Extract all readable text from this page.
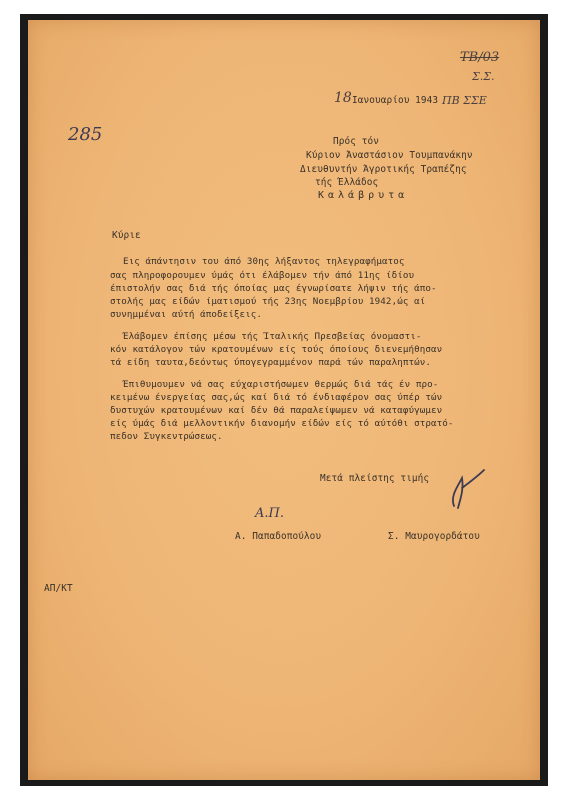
ΤΒ/03
Σ.Σ.
18 Ιανουαρίου 1943 ΠΒ ΣΣΕ
285	Πρός τόν
Κύριον Άναστάσιον Τουμπανάκην
Διευθυντήν Άγροτικής Τραπέζης
τής Έλλάδος
Καλάβρυτα
Κύριε
Εις άπάντησιν του άπό 30ης λήξαντος τηλεγραφήματος
σας πληροφορουμεν ύμάς ότι έλάβομεν τήν άπό 11ης ίδίου
έπιστολήν σας διά τής όποίας μας έγνωρίσατε λήψιν τής άπο-
στολής μας είδών ίματισμού τής 23ης Νοεμβρίου 1942,ώς αί
συνημμέναι αύτή άποδείξεις.
Έλάβομεν έπίσης μέσω τής Ίταλικής Πρεσβείας όνομαστι-
κόν κατάλογον τών κρατουμένων είς τούς όποίους διενεμήθησαν
τά είδη ταυτα,δεόντως ύπογεγραμμένον παρά τών παραληπτών.
Έπιθυμουμεν νά σας εύχαριστήσωμεν θερμώς διά τάς έν προ-
κειμένω ένεργείας σας,ώς καί διά τό ένδιαφέρον σας ύπέρ τών
δυστυχών κρατουμένων καί δέν θά παραλείψωμεν νά καταφύγωμεν
είς ύμάς διά μελλοντικήν διανομήν είδών είς τό αύτόθι στρατό-
πεδον Συγκεντρώσεως.
Μετά πλείστης τιμής
Α.Π.
Α. Παπαδοπούλου	Σ. Μαυρογορδάτου
ΑΠ/ΚΤ
